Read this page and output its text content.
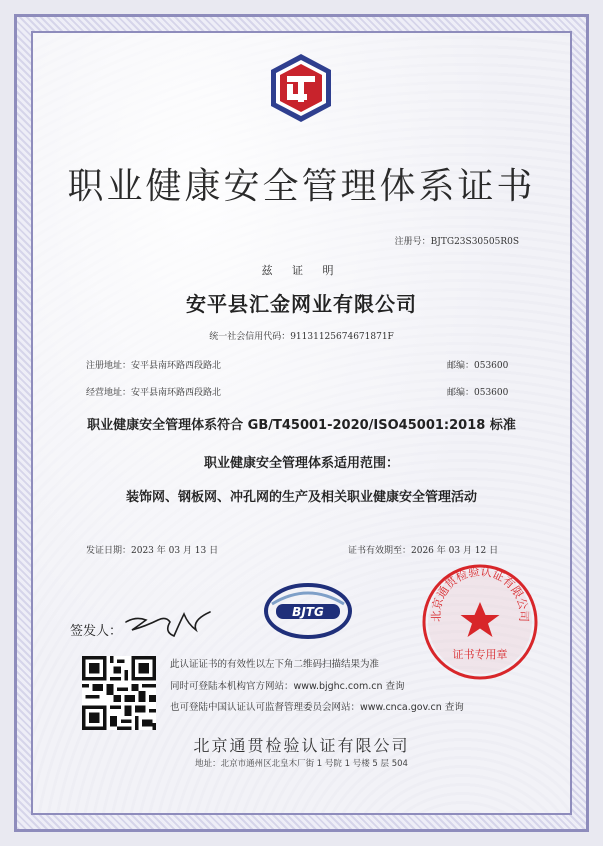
职业健康安全管理体系证书
注册号：BJTG23S30505R0S
兹 证 明
安平县汇金网业有限公司
统一社会信用代码：91131125674671871F
注册地址：安平县南环路西段路北	邮编：053600
经营地址：安平县南环路西段路北	邮编：053600
职业健康安全管理体系符合 GB/T45001-2020/ISO45001:2018 标准
职业健康安全管理体系适用范围：
装饰网、钢板网、冲孔网的生产及相关职业健康安全管理活动
发证日期：2023 年 03 月 13 日	证书有效期至：2026 年 03 月 12 日
签发人：
BJTG	北京通贯检验认证有限公司
证书专用章
此认证证书的有效性以左下角二维码扫描结果为准
同时可登陆本机构官方网站：www.bjghc.com.cn 查询
也可登陆中国认证认可监督管理委员会网站：www.cnca.gov.cn 查询
北京通贯检验认证有限公司
地址：北京市通州区北皇木厂街 1 号院 1 号楼 5 层 504
